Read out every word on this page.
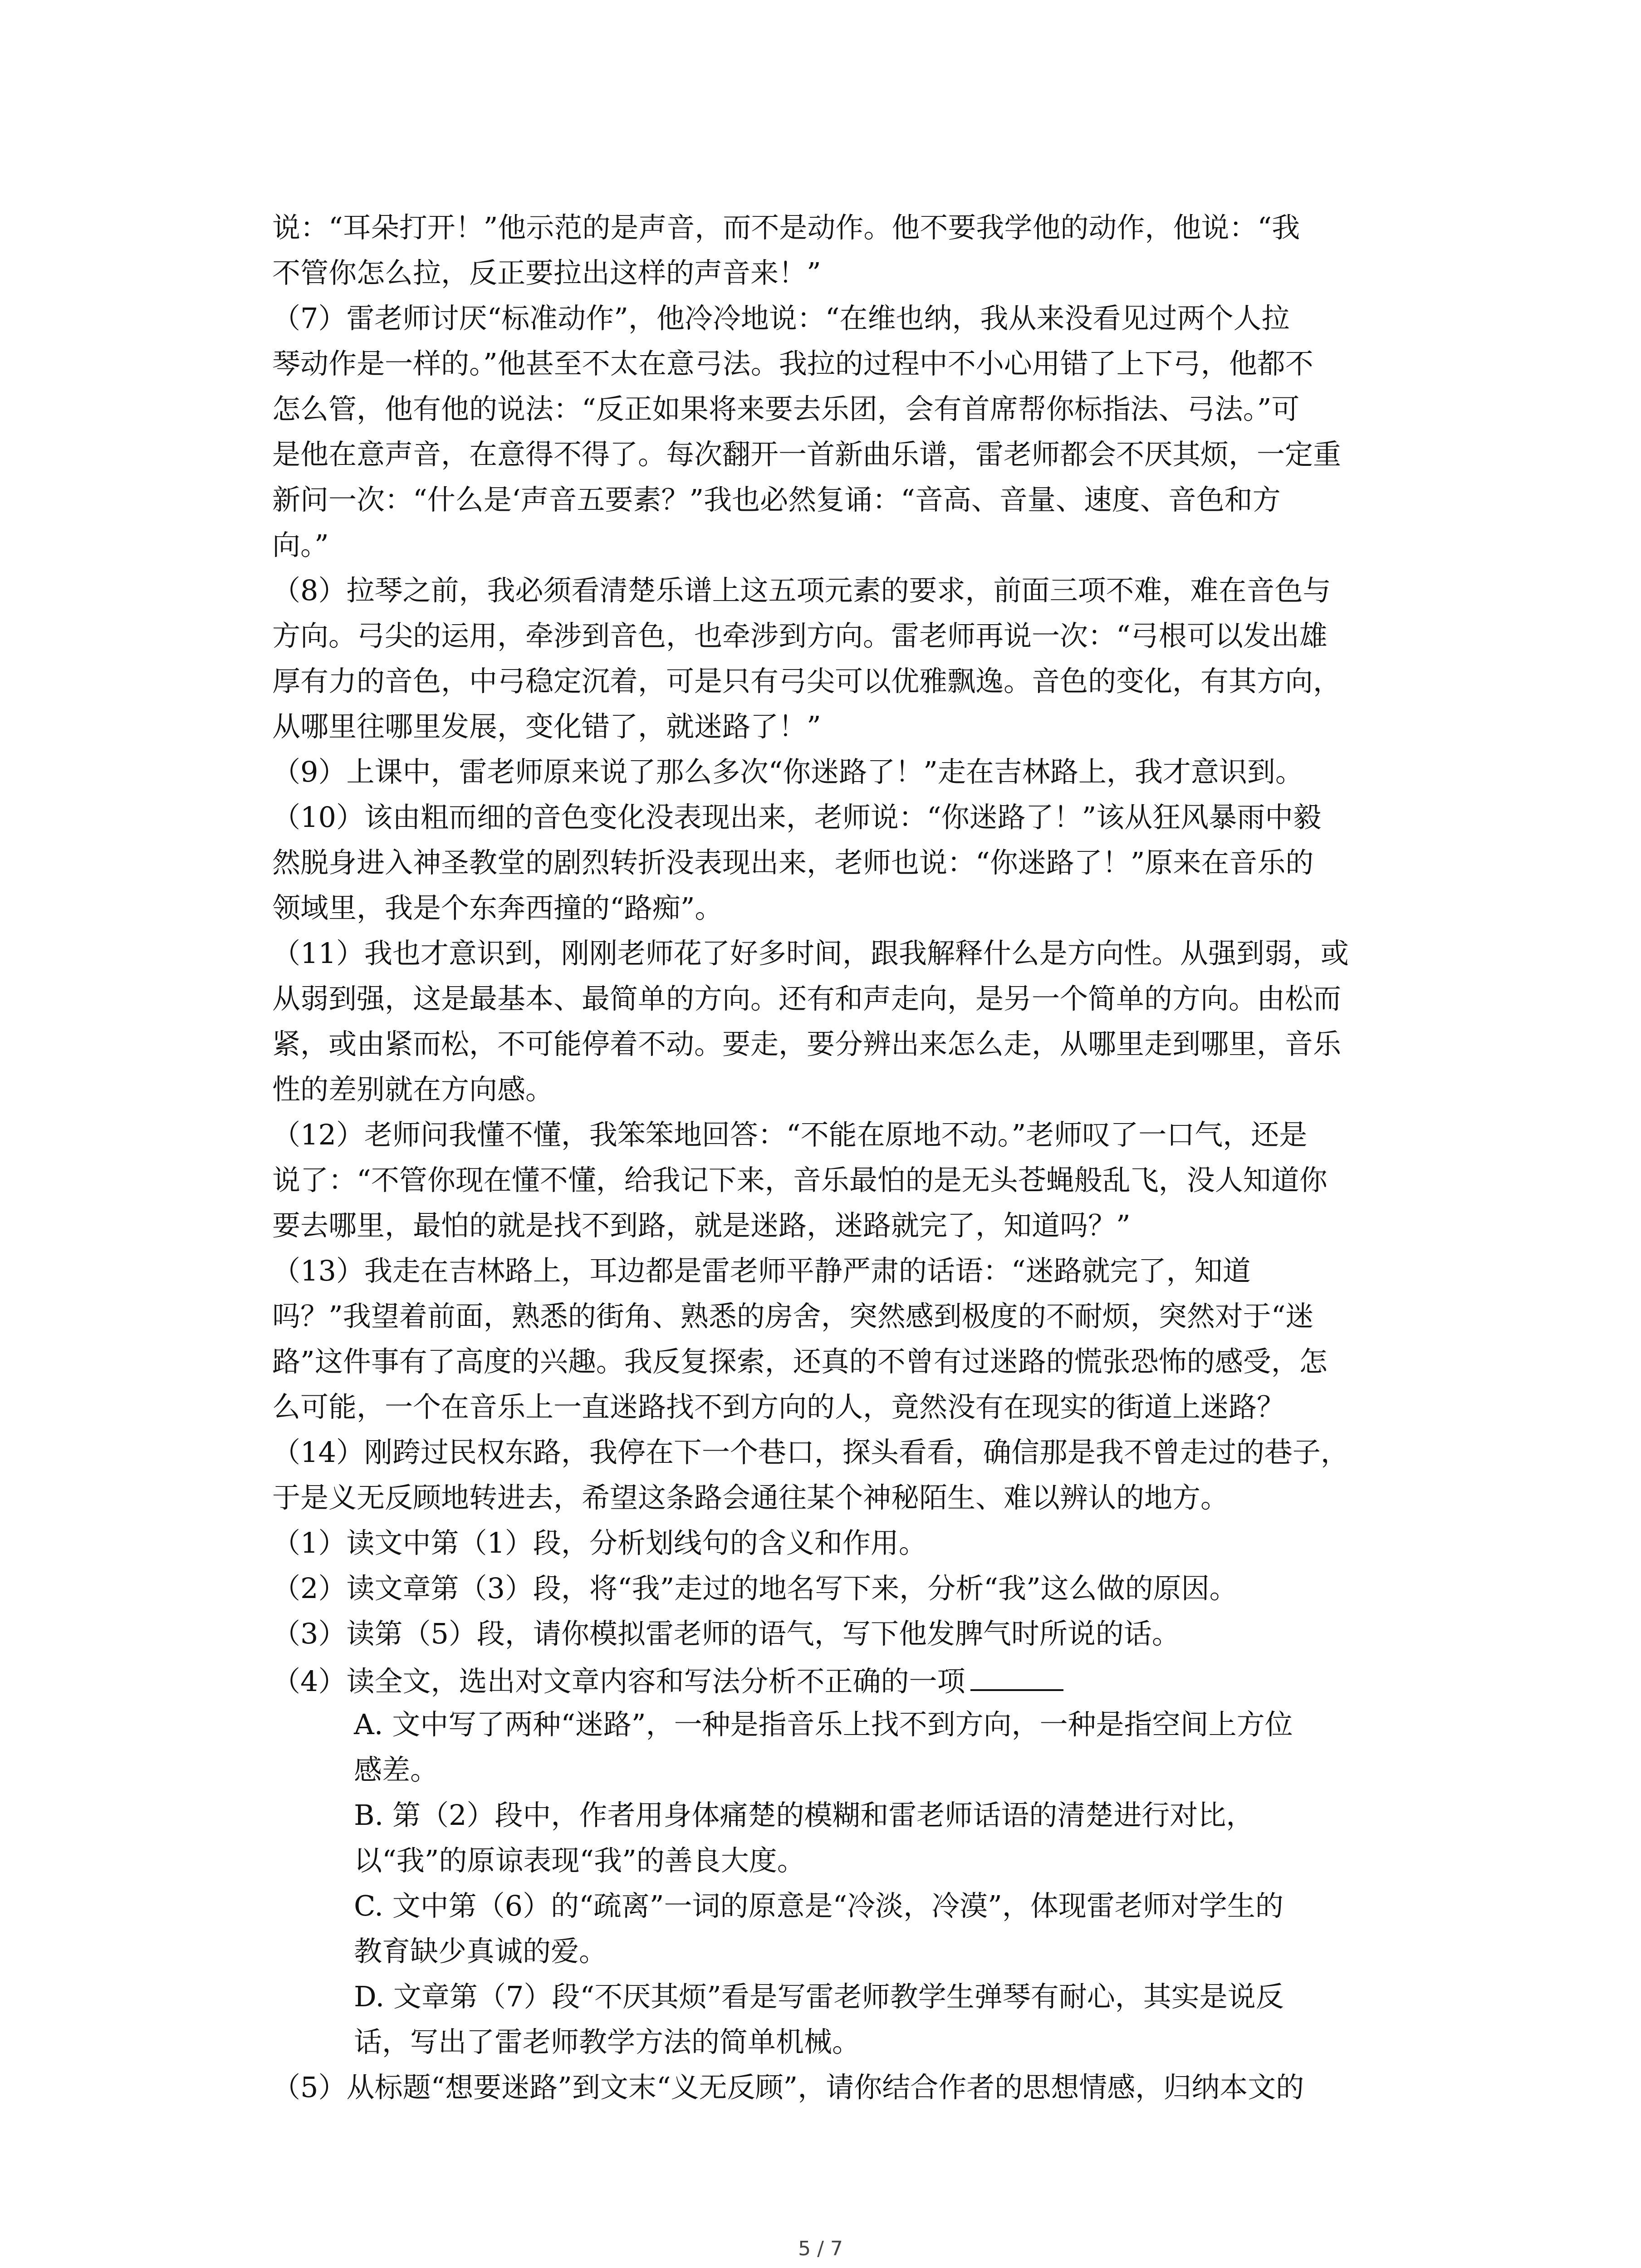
说：“耳朵打开！”他示范的是声音，而不是动作。他不要我学他的动作，他说：“我
不管你怎么拉，反正要拉出这样的声音来！”
（7）雷老师讨厌“标准动作”，他冷冷地说：“在维也纳，我从来没看见过两个人拉
琴动作是一样的。”他甚至不太在意弓法。我拉的过程中不小心用错了上下弓，他都不
怎么管，他有他的说法：“反正如果将来要去乐团，会有首席帮你标指法、弓法。”可
是他在意声音，在意得不得了。每次翻开一首新曲乐谱，雷老师都会不厌其烦，一定重
新问一次：“什么是‘声音五要素？”我也必然复诵：“音高、音量、速度、音色和方
向。”
（8）拉琴之前，我必须看清楚乐谱上这五项元素的要求，前面三项不难，难在音色与
方向。弓尖的运用，牵涉到音色，也牵涉到方向。雷老师再说一次：“弓根可以发出雄
厚有力的音色，中弓稳定沉着，可是只有弓尖可以优雅飘逸。音色的变化，有其方向，
从哪里往哪里发展，变化错了，就迷路了！”
（9）上课中，雷老师原来说了那么多次“你迷路了！”走在吉林路上，我才意识到。
（10）该由粗而细的音色变化没表现出来，老师说：“你迷路了！”该从狂风暴雨中毅
然脱身进入神圣教堂的剧烈转折没表现出来，老师也说：“你迷路了！”原来在音乐的
领域里，我是个东奔西撞的“路痴”。
（11）我也才意识到，刚刚老师花了好多时间，跟我解释什么是方向性。从强到弱，或
从弱到强，这是最基本、最简单的方向。还有和声走向，是另一个简单的方向。由松而
紧，或由紧而松，不可能停着不动。要走，要分辨出来怎么走，从哪里走到哪里，音乐
性的差别就在方向感。
（12）老师问我懂不懂，我笨笨地回答：“不能在原地不动。”老师叹了一口气，还是
说了：“不管你现在懂不懂，给我记下来，音乐最怕的是无头苍蝇般乱飞，没人知道你
要去哪里，最怕的就是找不到路，就是迷路，迷路就完了，知道吗？”
（13）我走在吉林路上，耳边都是雷老师平静严肃的话语：“迷路就完了，知道
吗？”我望着前面，熟悉的街角、熟悉的房舍，突然感到极度的不耐烦，突然对于“迷
路”这件事有了高度的兴趣。我反复探索，还真的不曾有过迷路的慌张恐怖的感受，怎
么可能，一个在音乐上一直迷路找不到方向的人，竟然没有在现实的街道上迷路？
（14）刚跨过民权东路，我停在下一个巷口，探头看看，确信那是我不曾走过的巷子，
于是义无反顾地转进去，希望这条路会通往某个神秘陌生、难以辨认的地方。
（1）读文中第（1）段，分析划线句的含义和作用。
（2）读文章第（3）段，将“我”走过的地名写下来，分析“我”这么做的原因。
（3）读第（5）段，请你模拟雷老师的语气，写下他发脾气时所说的话。
（4）读全文，选出对文章内容和写法分析不正确的一项
A. 文中写了两种“迷路”，一种是指音乐上找不到方向，一种是指空间上方位
感差。
B. 第（2）段中，作者用身体痛楚的模糊和雷老师话语的清楚进行对比，
以“我”的原谅表现“我”的善良大度。
C. 文中第（6）的“疏离”一词的原意是“冷淡，冷漠”，体现雷老师对学生的
教育缺少真诚的爱。
D. 文章第（7）段“不厌其烦”看是写雷老师教学生弹琴有耐心，其实是说反
话，写出了雷老师教学方法的简单机械。
（5）从标题“想要迷路”到文末“义无反顾”，请你结合作者的思想情感，归纳本文的
5 / 7
